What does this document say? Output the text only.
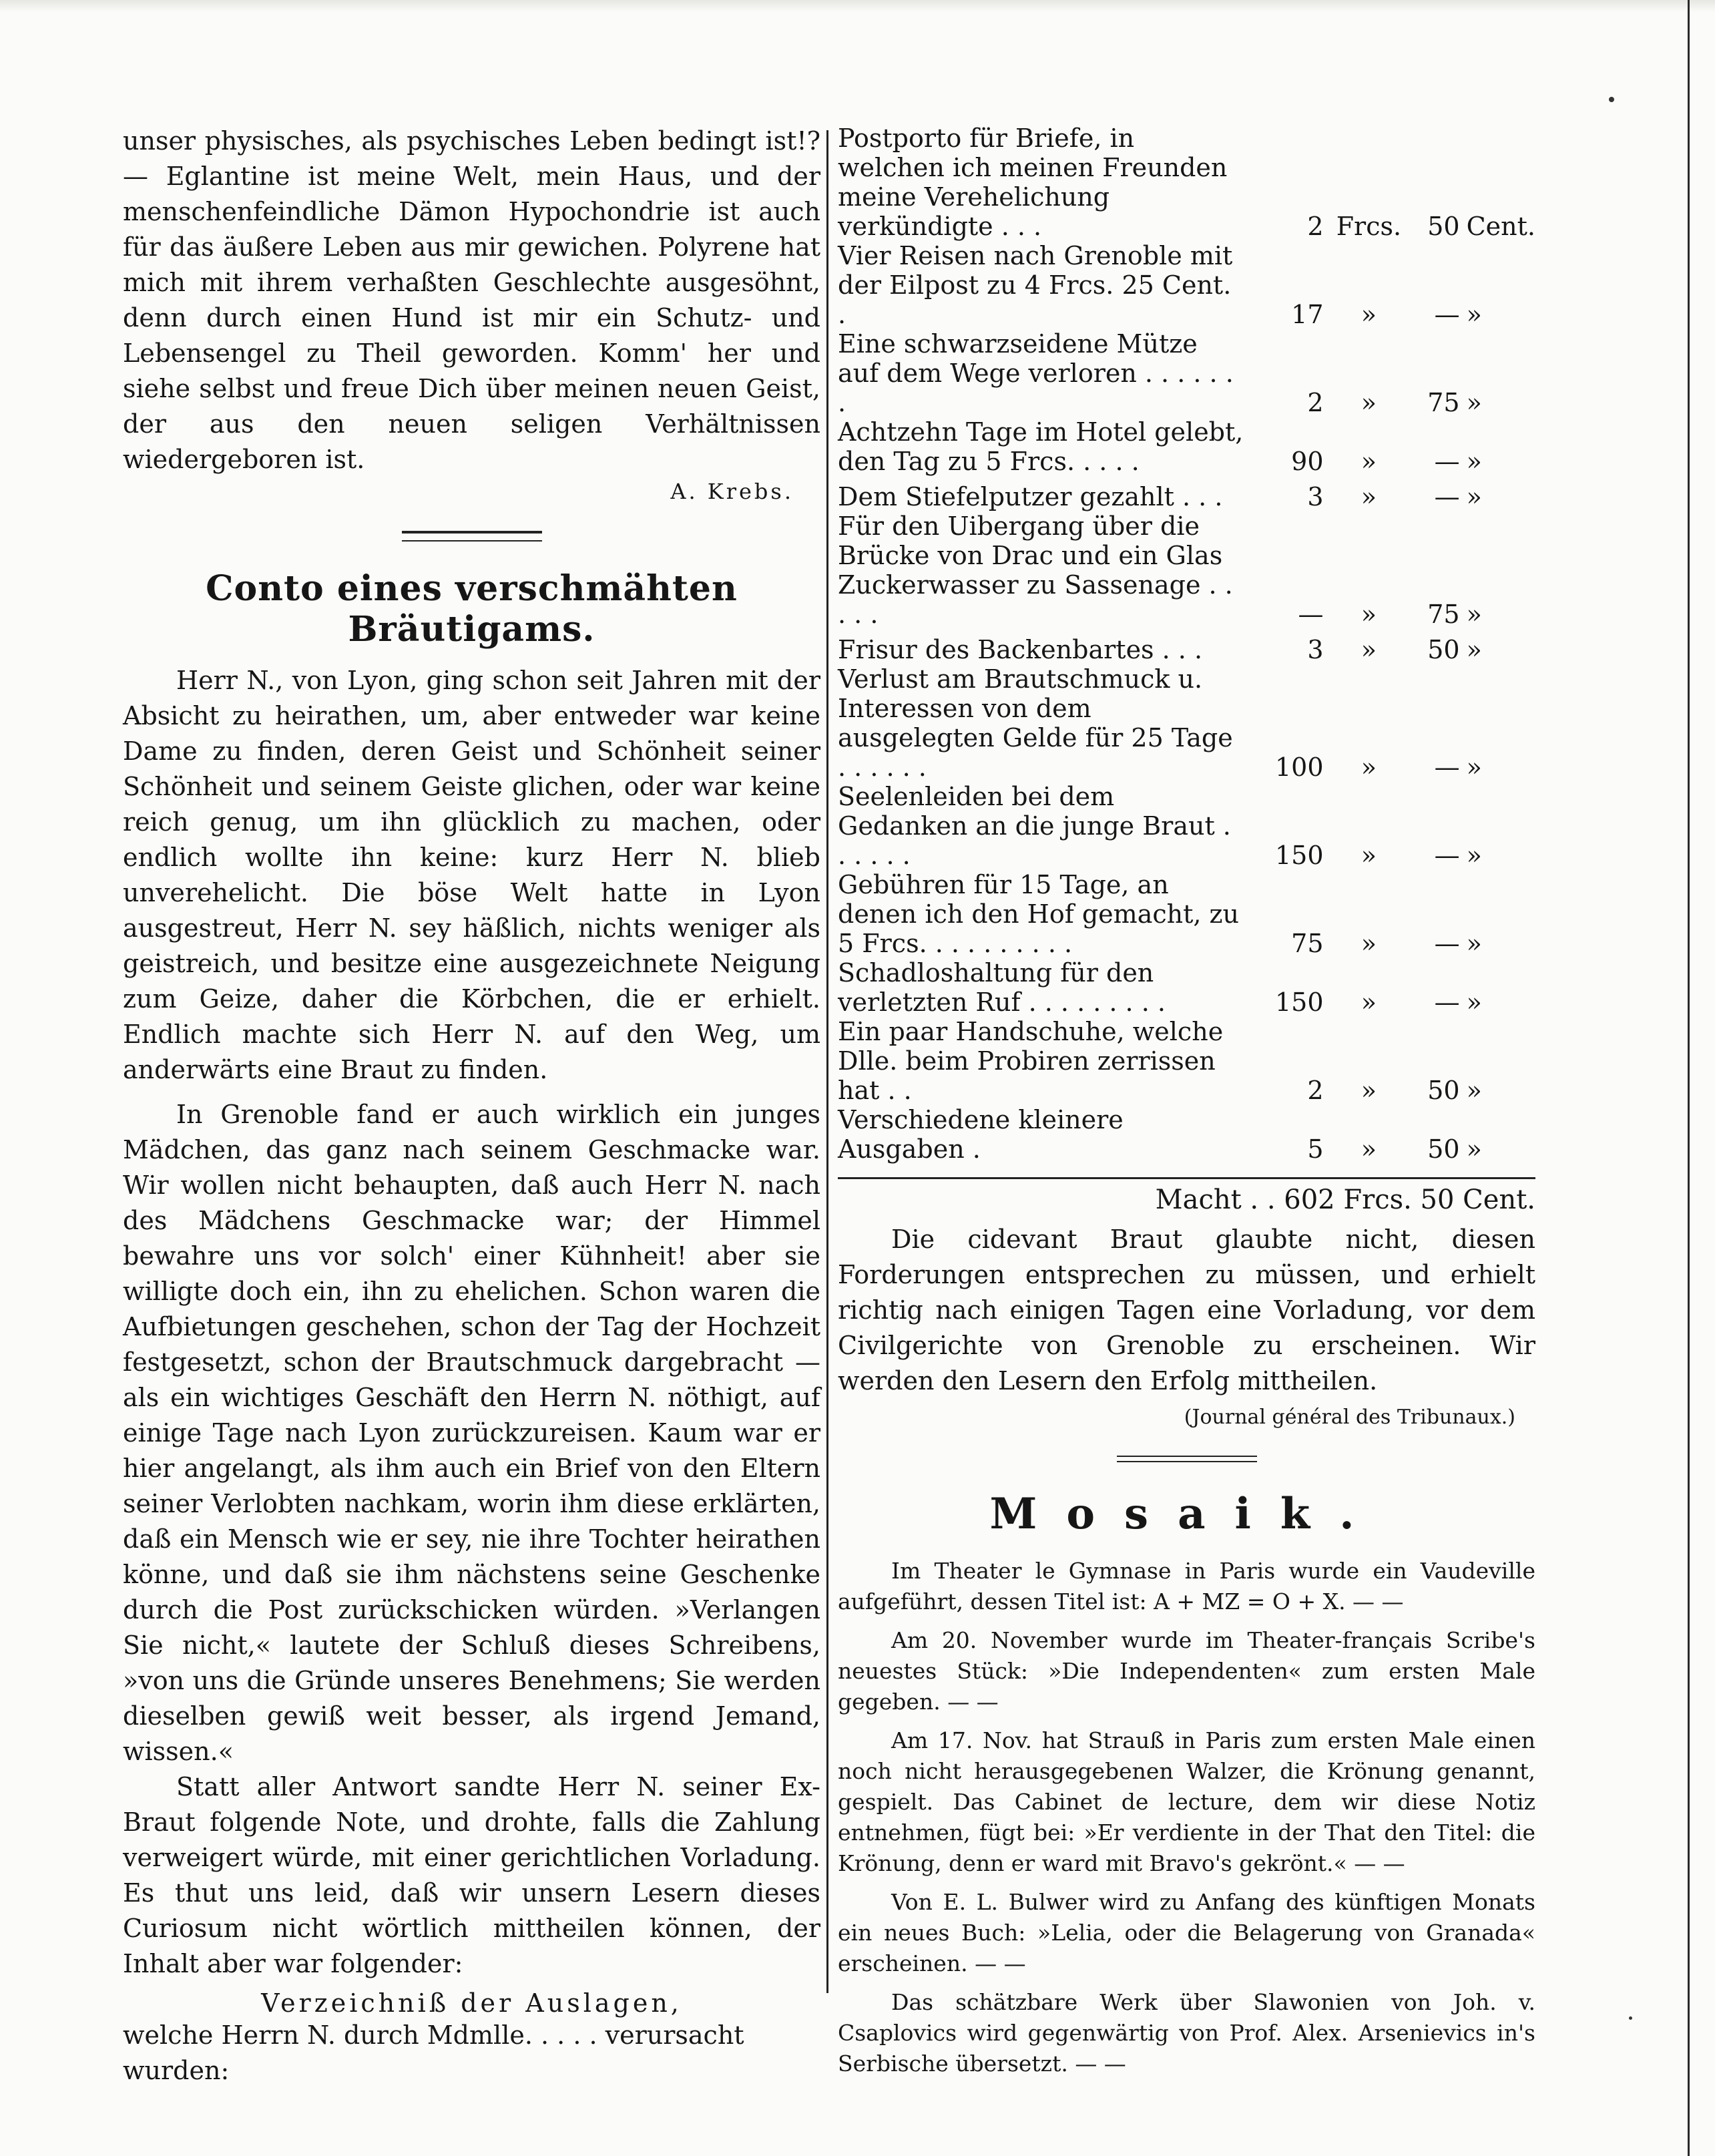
unser physisches, als psychisches Leben bedingt ist!? — Eglantine ist meine Welt, mein Haus, und der menschenfeindliche Dämon Hypochondrie ist auch für das äußere Leben aus mir gewichen. Polyrene hat mich mit ihrem verhaßten Geschlechte ausgesöhnt, denn durch einen Hund ist mir ein Schutz- und Lebensengel zu Theil geworden. Komm' her und siehe selbst und freue Dich über meinen neuen Geist, der aus den neuen seligen Verhältnissen wiedergeboren ist.

A. Krebs.
Conto eines verschmähten Bräutigams.

Herr N., von Lyon, ging schon seit Jahren mit der Absicht zu heirathen, um, aber entweder war keine Dame zu finden, deren Geist und Schönheit seiner Schönheit und seinem Geiste glichen, oder war keine reich genug, um ihn glücklich zu machen, oder endlich wollte ihn keine: kurz Herr N. blieb unverehelicht. Die böse Welt hatte in Lyon ausgestreut, Herr N. sey häßlich, nichts weniger als geistreich, und besitze eine ausgezeichnete Neigung zum Geize, daher die Körbchen, die er erhielt. Endlich machte sich Herr N. auf den Weg, um anderwärts eine Braut zu finden.

In Grenoble fand er auch wirklich ein junges Mädchen, das ganz nach seinem Geschmacke war. Wir wollen nicht behaupten, daß auch Herr N. nach des Mädchens Geschmacke war; der Himmel bewahre uns vor solch' einer Kühnheit! aber sie willigte doch ein, ihn zu ehelichen. Schon waren die Aufbietungen geschehen, schon der Tag der Hochzeit festgesetzt, schon der Brautschmuck dargebracht — als ein wichtiges Geschäft den Herrn N. nöthigt, auf einige Tage nach Lyon zurückzureisen. Kaum war er hier angelangt, als ihm auch ein Brief von den Eltern seiner Verlobten nachkam, worin ihm diese erklärten, daß ein Mensch wie er sey, nie ihre Tochter heirathen könne, und daß sie ihm nächstens seine Geschenke durch die Post zurückschicken würden. »Verlangen Sie nicht,« lautete der Schluß dieses Schreibens, »von uns die Gründe unseres Benehmens; Sie werden dieselben gewiß weit besser, als irgend Jemand, wissen.«

Statt aller Antwort sandte Herr N. seiner Ex-Braut folgende Note, und drohte, falls die Zahlung verweigert würde, mit einer gerichtlichen Vorladung. Es thut uns leid, daß wir unsern Lesern dieses Curiosum nicht wörtlich mittheilen können, der Inhalt aber war folgender:

Verzeichniß der Auslagen,
welche Herrn N. durch Mdmlle. . . . . verursacht wurden:
Postporto für Briefe, in welchen ich meinen Freunden meine Verehelichung verkündigte . . .	2	Frcs.	50	Cent.
Vier Reisen nach Grenoble mit der Eilpost zu 4 Frcs. 25 Cent. .	17	»	—	»
Eine schwarzseidene Mütze auf dem Wege verloren . . . . . . .	2	»	75	»
Achtzehn Tage im Hotel gelebt, den Tag zu 5 Frcs. . . . .	90	»	—	»
Dem Stiefelputzer gezahlt . . .	3	»	—	»
Für den Uibergang über die Brücke von Drac und ein Glas Zuckerwasser zu Sassenage . . . . .	—	»	75	»
Frisur des Backenbartes . . .	3	»	50	»
Verlust am Brautschmuck u. Interessen von dem ausgelegten Gelde für 25 Tage . . . . . .	100	»	—	»
Seelenleiden bei dem Gedanken an die junge Braut . . . . . .	150	»	—	»
Gebühren für 15 Tage, an denen ich den Hof gemacht, zu 5 Frcs. . . . . . . . . .	75	»	—	»
Schadloshaltung für den verletzten Ruf . . . . . . . . .	150	»	—	»
Ein paar Handschuhe, welche Dlle. beim Probiren zerrissen hat . .	2	»	50	»
Verschiedene kleinere Ausgaben .	5	»	50	»
Macht . . 602 Frcs. 50 Cent.

Die cidevant Braut glaubte nicht, diesen Forderungen entsprechen zu müssen, und erhielt richtig nach einigen Tagen eine Vorladung, vor dem Civilgerichte von Grenoble zu erscheinen. Wir werden den Lesern den Erfolg mittheilen.

(Journal général des Tribunaux.)
Mosaik.

Im Theater le Gymnase in Paris wurde ein Vaudeville aufgeführt, dessen Titel ist: A + MZ = O + X. — —

Am 20. November wurde im Theater-français Scribe's neuestes Stück: »Die Independenten« zum ersten Male gegeben. — —

Am 17. Nov. hat Strauß in Paris zum ersten Male einen noch nicht herausgegebenen Walzer, die Krönung genannt, gespielt. Das Cabinet de lecture, dem wir diese Notiz entnehmen, fügt bei: »Er verdiente in der That den Titel: die Krönung, denn er ward mit Bravo's gekrönt.« — —

Von E. L. Bulwer wird zu Anfang des künftigen Monats ein neues Buch: »Lelia, oder die Belagerung von Granada« erscheinen. — —

Das schätzbare Werk über Slawonien von Joh. v. Csaplovics wird gegenwärtig von Prof. Alex. Arsenievics in's Serbische übersetzt. — —
